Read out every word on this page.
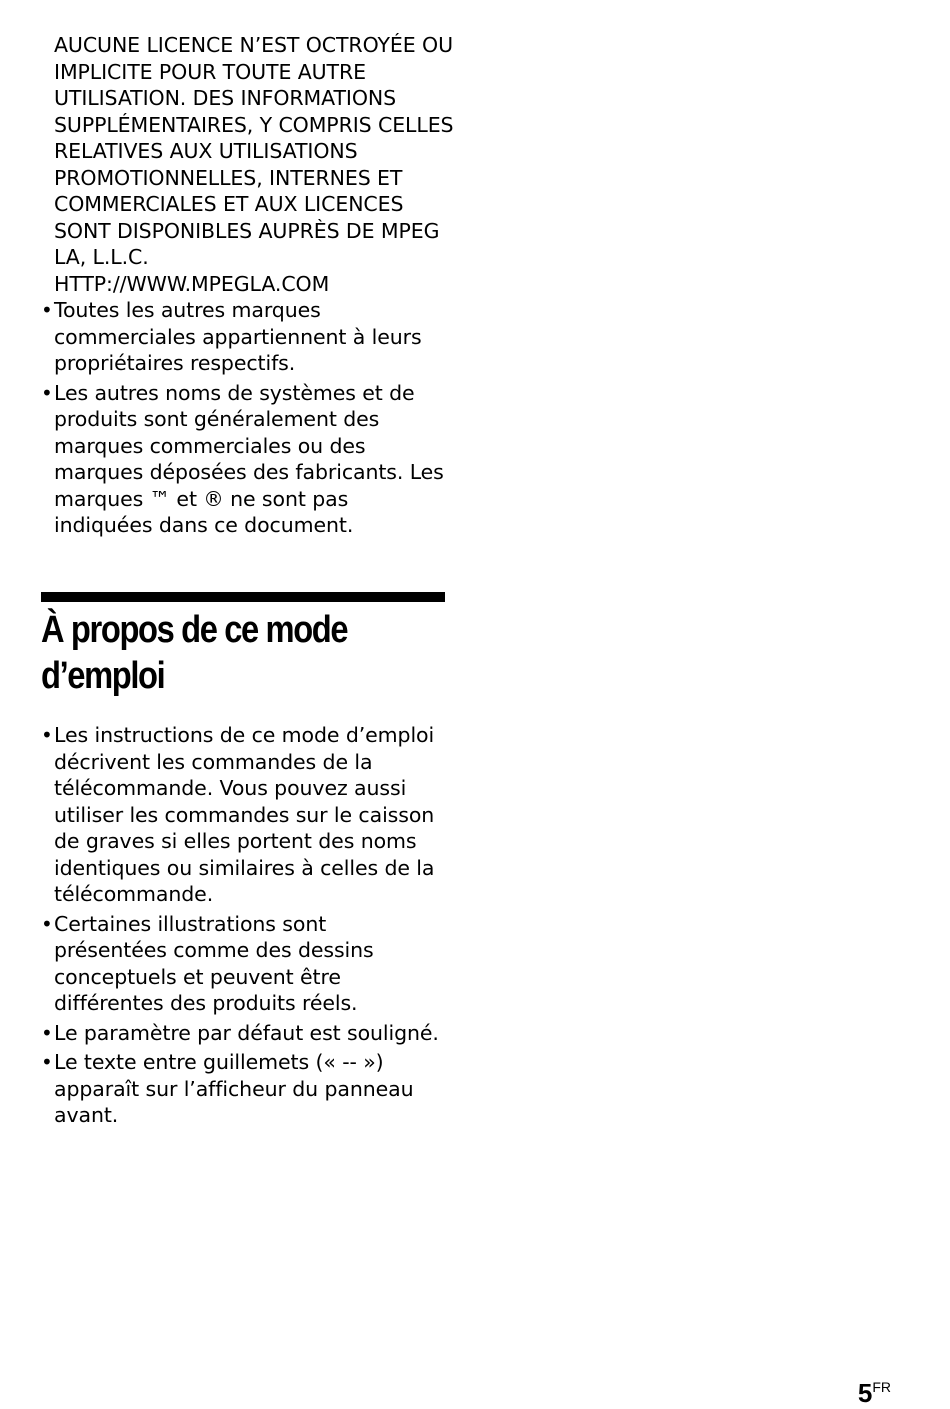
AUCUNE LICENCE N’EST OCTROYÉE OU
IMPLICITE POUR TOUTE AUTRE
UTILISATION. DES INFORMATIONS
SUPPLÉMENTAIRES, Y COMPRIS CELLES
RELATIVES AUX UTILISATIONS
PROMOTIONNELLES, INTERNES ET
COMMERCIALES ET AUX LICENCES
SONT DISPONIBLES AUPRÈS DE MPEG
LA, L.L.C.
HTTP://WWW.MPEGLA.COM

• Toutes les autres marques commerciales appartiennent à leurs propriétaires respectifs.
• Les autres noms de systèmes et de produits sont généralement des marques commerciales ou des marques déposées des fabricants. Les marques ™ et ® ne sont pas indiquées dans ce document.
À propos de ce mode
d’emploi
• Les instructions de ce mode d’emploi décrivent les commandes de la télécommande. Vous pouvez aussi utiliser les commandes sur le caisson de graves si elles portent des noms identiques ou similaires à celles de la télécommande.
• Certaines illustrations sont présentées comme des dessins conceptuels et peuvent être différentes des produits réels.
• Le paramètre par défaut est souligné.
• Le texte entre guillemets (« -- ») apparaît sur l’afficheur du panneau avant.
5FR
